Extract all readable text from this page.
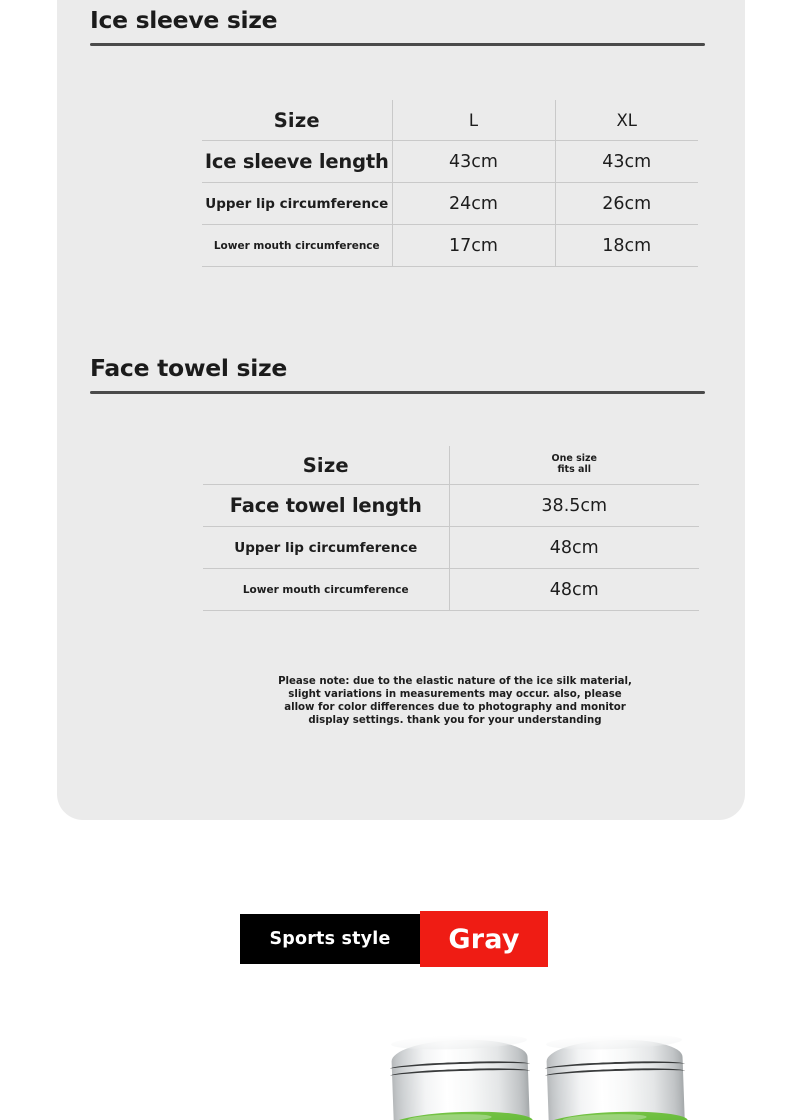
Ice sleeve size
Size	L	XL

Ice sleeve length	43cm	43cm

Upper lip circumference	24cm	26cm

Lower mouth circumference	17cm	18cm

Face towel size
Size	One size
fits all

Face towel length	38.5cm

Upper lip circumference	48cm

Lower mouth circumference	48cm

Please note: due to the elastic nature of the ice silk material,
slight variations in measurements may occur. also, please
allow for color differences due to photography and monitor
display settings. thank you for your understanding
Sports style	Gray
